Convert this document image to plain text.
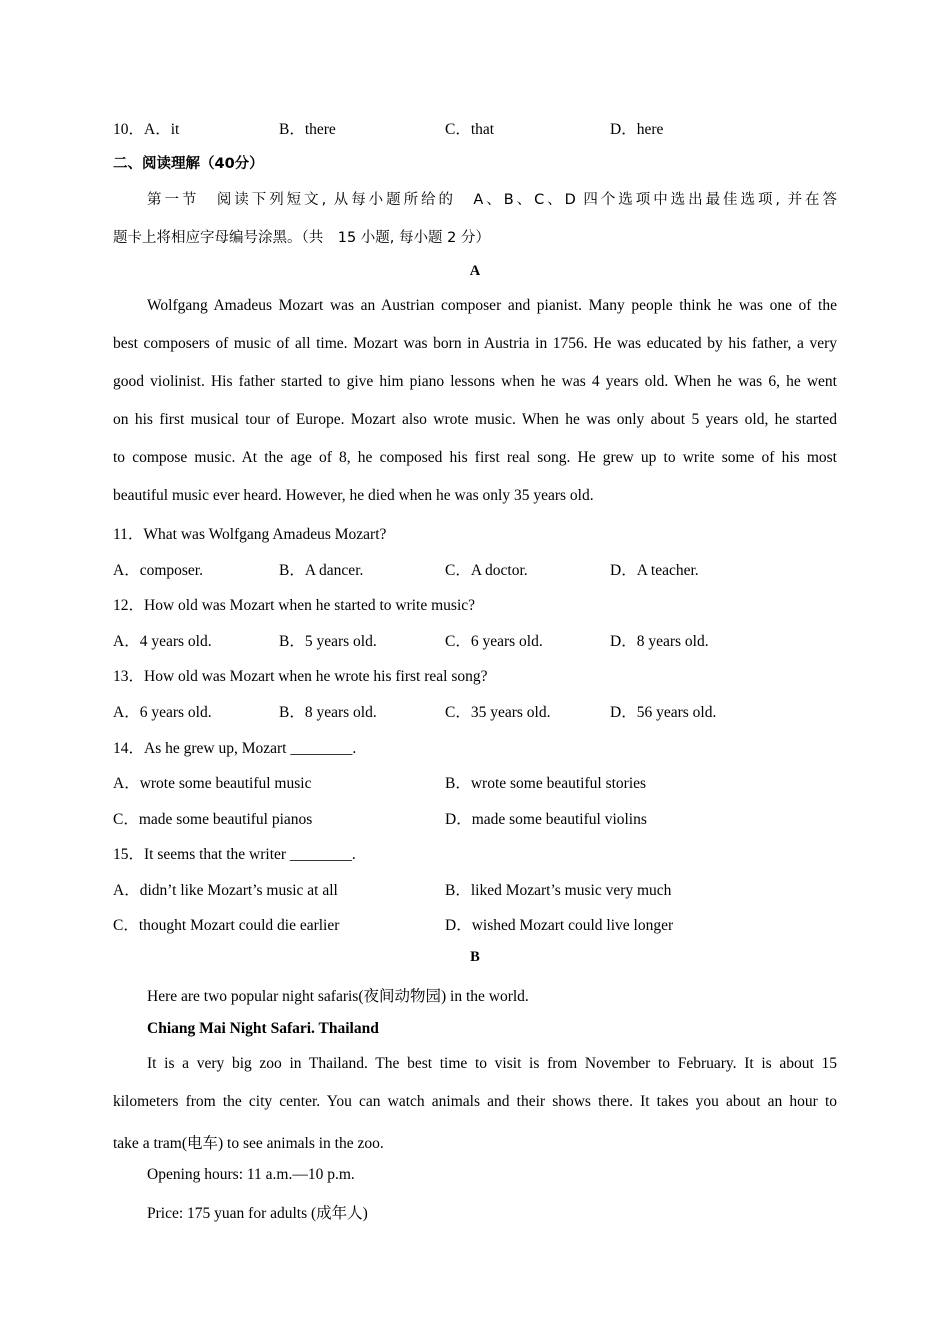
10．A．it	B．there	C．that	D．here
二、阅读理解（40分）
第一节　阅读下列短文, 从每小题所给的　A、B、C、D 四个选项中选出最佳选项, 并在答
题卡上将相应字母编号涂黑。（共　15 小题, 每小题 2 分）
A
Wolfgang Amadeus Mozart was an Austrian composer and pianist. Many people think he was one of the
best composers of music of all time. Mozart was born in Austria in 1756. He was educated by his father, a very
good violinist. His father started to give him piano lessons when he was 4 years old. When he was 6, he went
on his first musical tour of Europe. Mozart also wrote music. When he was only about 5 years old, he started
to compose music. At the age of 8, he composed his first real song. He grew up to write some of his most
beautiful music ever heard. However, he died when he was only 35 years old.
11．What was Wolfgang Amadeus Mozart?
A．composer.	B．A dancer.	C．A doctor.	D．A teacher.
12．How old was Mozart when he started to write music?
A．4 years old.	B．5 years old.	C．6 years old.	D．8 years old.
13．How old was Mozart when he wrote his first real song?
A．6 years old.	B．8 years old.	C．35 years old.	D．56 years old.
14．As he grew up, Mozart ________.
A．wrote some beautiful music	B．wrote some beautiful stories
C．made some beautiful pianos	D．made some beautiful violins
15．It seems that the writer ________.
A．didn’t like Mozart’s music at all	B．liked Mozart’s music very much
C．thought Mozart could die earlier	D．wished Mozart could live longer
B
Here are two popular night safaris(夜间动物园) in the world.
Chiang Mai Night Safari. Thailand
It is a very big zoo in Thailand. The best time to visit is from November to February. It is about 15
kilometers from the city center. You can watch animals and their shows there. It takes you about an hour to
take a tram(电车) to see animals in the zoo.
Opening hours: 11 a.m.—10 p.m.
Price: 175 yuan for adults (成年人)
